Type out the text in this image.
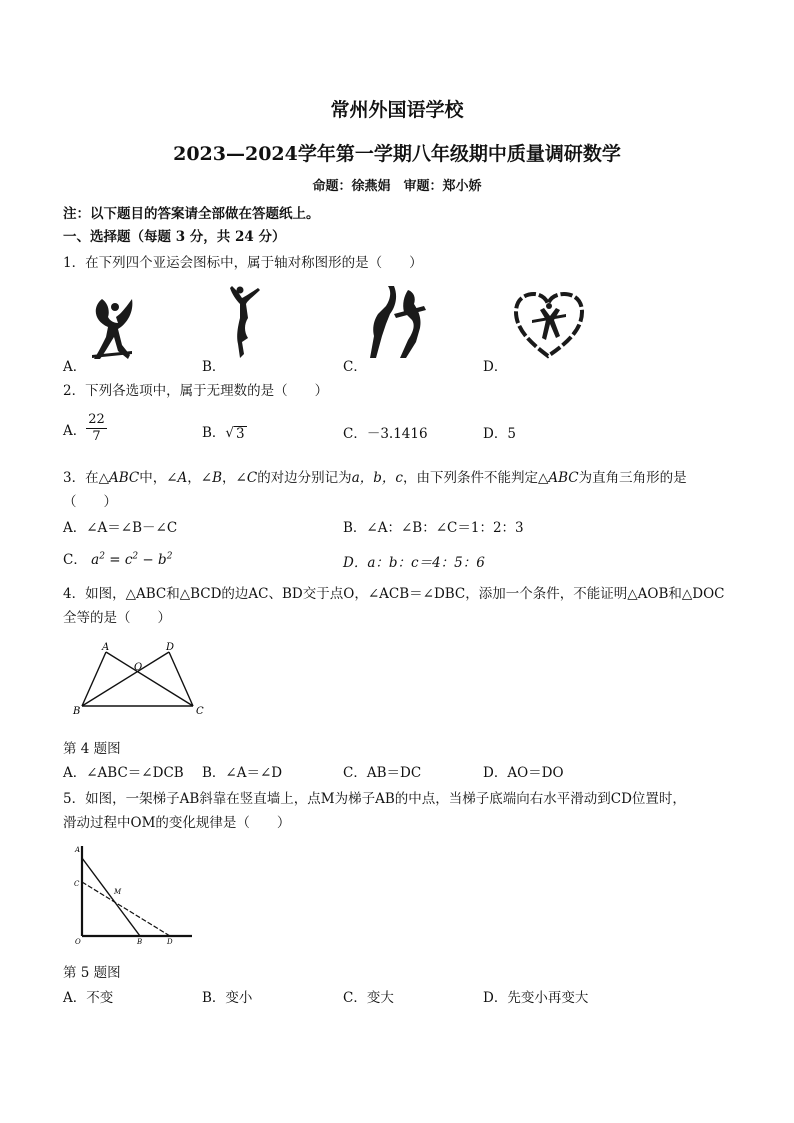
常州外国语学校
2023—2024学年第一学期八年级期中质量调研数学
命题：徐燕娟　审题：郑小娇
注：以下题目的答案请全部做在答题纸上。
一、选择题（每题 3 分，共 24 分）
1．在下列四个亚运会图标中，属于轴对称图形的是（　　）
A．	B．	C．	D．
2．下列各选项中，属于无理数的是（　　）
A． $\frac{22}{7}$	B． √ 3	C．－3.1416	D．5
3．在△ABC中，∠A，∠B，∠C的对边分别记为a，b，c，由下列条件不能判定△ABC为直角三角形的是
（　　）
A．∠A＝∠B－∠C	B．∠A：∠B：∠C＝1：2：3
C． $a^2 = c^2 - b^2$	D．a：b：c＝4：5：6
4．如图，△ABC和△BCD的边AC、BD交于点O，∠ACB＝∠DBC，添加一个条件，不能证明△AOB和△DOC
全等的是（　　）
A	D
O
B	C
第 4 题图
A．∠ABC＝∠DCB B．∠A＝∠D	C．AB＝DC	D．AO＝DO
5．如图，一架梯子AB斜靠在竖直墙上，点M为梯子AB的中点，当梯子底端向右水平滑动到CD位置时，
滑动过程中OM的变化规律是（　　）
A
C
M
O	B	D
第 5 题图
A．不变	B．变小	C．变大	D．先变小再变大
